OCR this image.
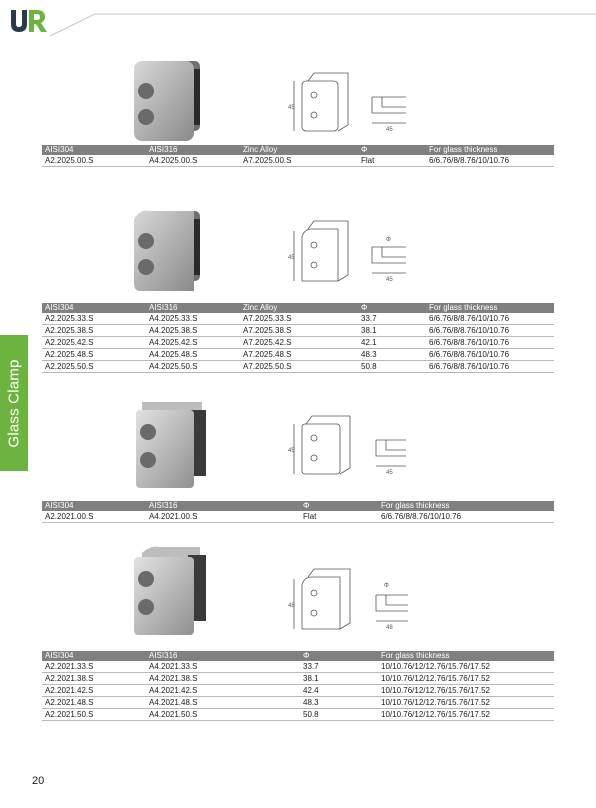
Glass Clamp
45
45
AISI304	AISI316	Zinc Alloy	Φ	For glass thickness
A2.2025.00.S	A4.2025.00.S	A7.2025.00.S	Flat	6/6.76/8/8.76/10/10.76
45
45
Φ
AISI304	AISI316	Zinc Alloy	Φ	For glass thickness
A2.2025.33.S	A4.2025.33.S	A7.2025.33.S	33.7	6/6.76/8/8.76/10/10.76
A2.2025.38.S	A4.2025.38.S	A7.2025.38.S	38.1	6/6.76/8/8.76/10/10.76
A2.2025.42.S	A4.2025.42.S	A7.2025.42.S	42.1	6/6.76/8/8.76/10/10.76
A2.2025.48.S	A4.2025.48.S	A7.2025.48.S	48.3	6/6.76/8/8.76/10/10.76
A2.2025.50.S	A4.2025.50.S	A7.2025.50.S	50.8	6/6.76/8/8.76/10/10.76
45
45
AISI304	AISI316	Φ	For glass thickness
A2.2021.00.S	A4.2021.00.S	Flat	6/6.76/8/8.76/10/10.76
48
48
Φ
AISI304	AISI316	Φ	For glass thickness
A2.2021.33.S	A4.2021.33.S	33.7	10/10.76/12/12.76/15.76/17.52
A2.2021.38.S	A4.2021.38.S	38.1	10/10.76/12/12.76/15.76/17.52
A2.2021.42.S	A4.2021.42.S	42.4	10/10.76/12/12.76/15.76/17.52
A2.2021.48.S	A4.2021.48.S	48.3	10/10.76/12/12.76/15.76/17.52
A2.2021.50.S	A4.2021.50.S	50.8	10/10.76/12/12.76/15.76/17.52
20
